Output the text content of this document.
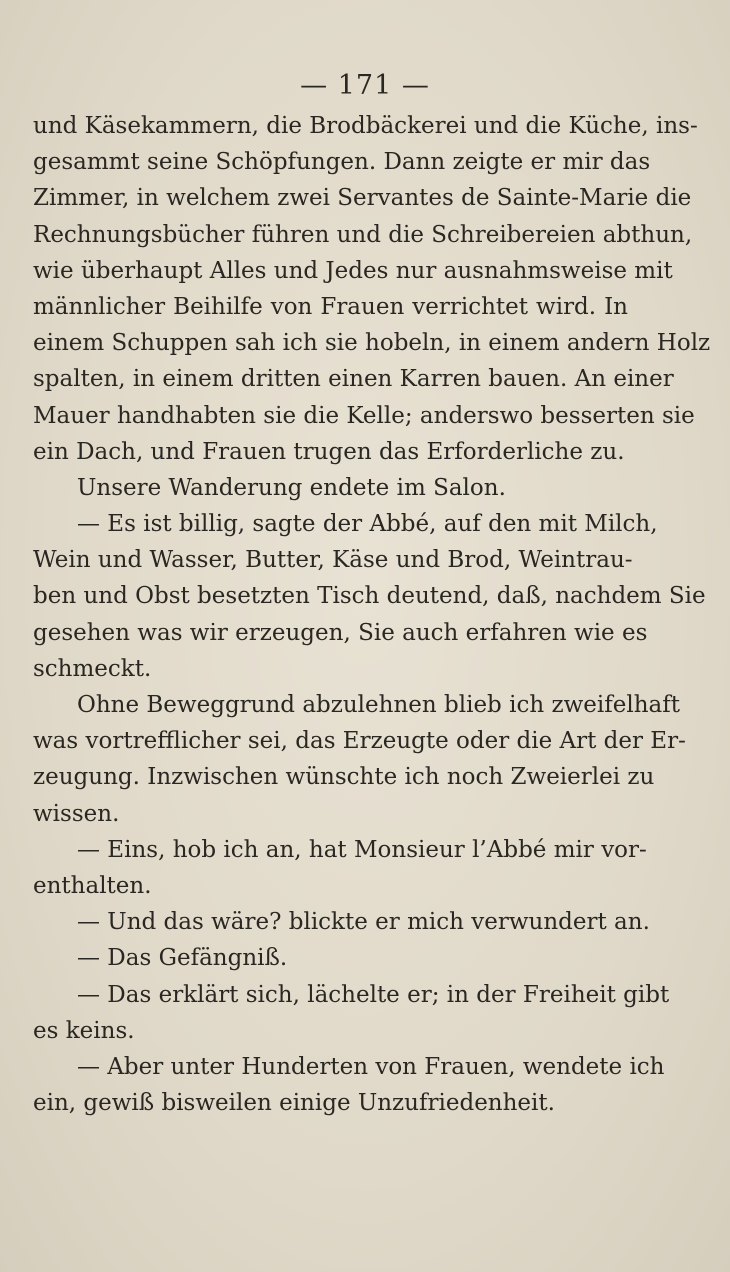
— 171 —
und Käsekammern, die Brodbäckerei und die Küche, ins-
gesammt seine Schöpfungen. Dann zeigte er mir das
Zimmer, in welchem zwei Servantes de Sainte-Marie die
Rechnungsbücher führen und die Schreibereien abthun,
wie überhaupt Alles und Jedes nur ausnahmsweise mit
männlicher Beihilfe von Frauen verrichtet wird. In
einem Schuppen sah ich sie hobeln, in einem andern Holz
spalten, in einem dritten einen Karren bauen. An einer
Mauer handhabten sie die Kelle; anderswo besserten sie
ein Dach, und Frauen trugen das Erforderliche zu.
Unsere Wanderung endete im Salon.
— Es ist billig, sagte der Abbé, auf den mit Milch,
Wein und Wasser, Butter, Käse und Brod, Weintrau-
ben und Obst besetzten Tisch deutend, daß, nachdem Sie
gesehen was wir erzeugen, Sie auch erfahren wie es
schmeckt.
Ohne Beweggrund abzulehnen blieb ich zweifelhaft
was vortrefflicher sei, das Erzeugte oder die Art der Er-
zeugung. Inzwischen wünschte ich noch Zweierlei zu
wissen.
— Eins, hob ich an, hat Monsieur l’Abbé mir vor-
enthalten.
— Und das wäre? blickte er mich verwundert an.
— Das Gefängniß.
— Das erklärt sich, lächelte er; in der Freiheit gibt
es keins.
— Aber unter Hunderten von Frauen, wendete ich
ein, gewiß bisweilen einige Unzufriedenheit.
